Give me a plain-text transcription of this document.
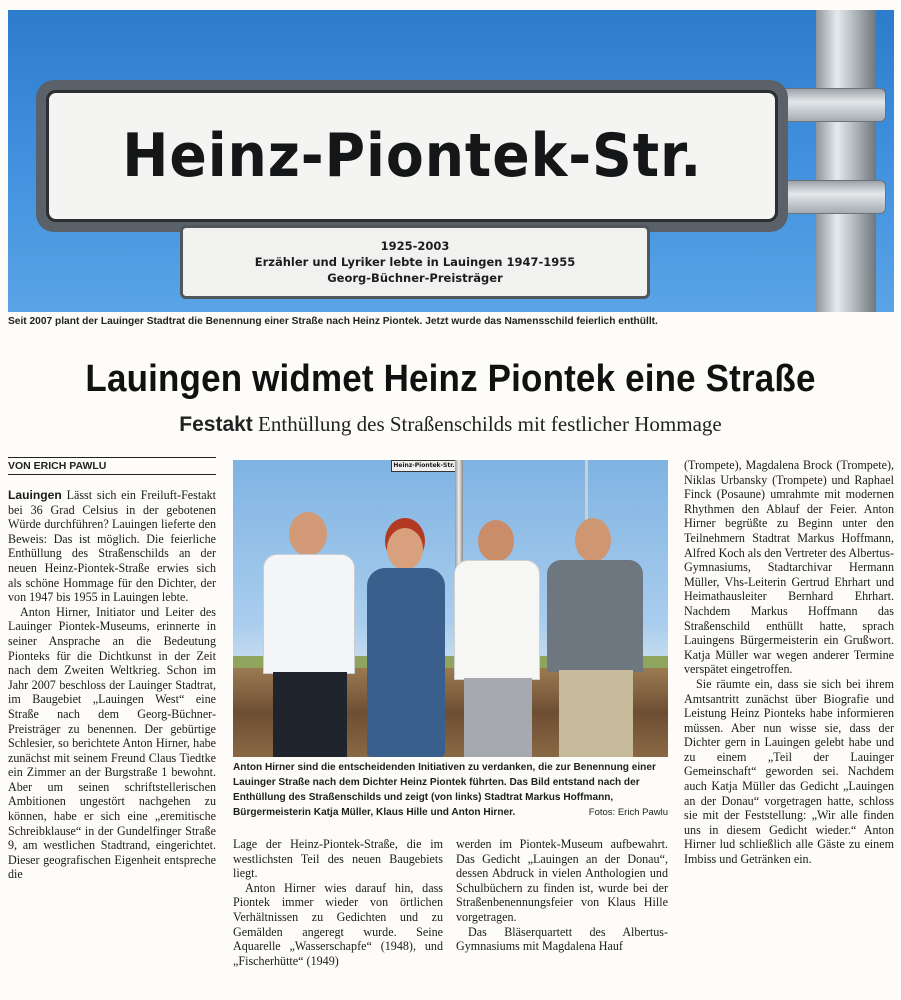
Heinz-Piontek-Str.
1925-2003
Erzähler und Lyriker lebte in Lauingen 1947-1955
Georg-Büchner-Preisträger
Seit 2007 plant der Lauinger Stadtrat die Benennung einer Straße nach Heinz Piontek. Jetzt wurde das Namensschild feierlich enthüllt.
Lauingen widmet Heinz Piontek eine Straße
Festakt Enthüllung des Straßenschilds mit festlicher Hommage
VON ERICH PAWLU

Lauingen Lässt sich ein Freiluft-Festakt bei 36 Grad Celsius in der gebotenen Würde durchführen? Lauingen lieferte den Beweis: Das ist möglich. Die feierliche Enthüllung des Straßenschilds an der neuen Heinz-Piontek-Straße erwies sich als schöne Hommage für den Dichter, der von 1947 bis 1955 in Lauingen lebte.

Anton Hirner, Initiator und Leiter des Lauinger Piontek-Museums, erinnerte in seiner Ansprache an die Bedeutung Pionteks für die Dichtkunst in der Zeit nach dem Zweiten Weltkrieg. Schon im Jahr 2007 beschloss der Lauinger Stadtrat, im Baugebiet „Lauingen West“ eine Straße nach dem Georg-Büchner-Preisträger zu benennen. Der gebürtige Schlesier, so berichtete Anton Hirner, habe zunächst mit seinem Freund Claus Tiedtke ein Zimmer an der Burgstraße 1 bewohnt. Aber um seinen schriftstellerischen Ambitionen ungestört nachgehen zu können, habe er sich eine „eremitische Schreibklause“ in der Gundelfinger Straße 9, am westlichen Stadtrand, eingerichtet. Dieser geografischen Eigenheit entspreche die

Heinz-Piontek-Str.
Anton Hirner sind die entscheidenden Initiativen zu verdanken, die zur Benennung einer Lauinger Straße nach dem Dichter Heinz Piontek führten. Das Bild entstand nach der Enthüllung des Straßenschilds und zeigt (von links) Stadtrat Markus Hoffmann, Bürgermeisterin Katja Müller, Klaus Hille und Anton Hirner.	Fotos: Erich Pawlu

Lage der Heinz-Piontek-Straße, die im westlichsten Teil des neuen Baugebiets liegt.

Anton Hirner wies darauf hin, dass Piontek immer wieder von örtlichen Verhältnissen zu Gedichten und zu Gemälden angeregt wurde. Seine Aquarelle „Wasserschapfe“ (1948), und „Fischerhütte“ (1949)

werden im Piontek-Museum aufbewahrt. Das Gedicht „Lauingen an der Donau“, dessen Abdruck in vielen Anthologien und Schulbüchern zu finden ist, wurde bei der Straßenbenennungsfeier von Klaus Hille vorgetragen.

Das Bläserquartett des Albertus-Gymnasiums mit Magdalena Hauf

(Trompete), Magdalena Brock (Trompete), Niklas Urbansky (Trompete) und Raphael Finck (Posaune) umrahmte mit modernen Rhythmen den Ablauf der Feier. Anton Hirner begrüßte zu Beginn unter den Teilnehmern Stadtrat Markus Hoffmann, Alfred Koch als den Vertreter des Albertus-Gymnasiums, Stadtarchivar Hermann Müller, Vhs-Leiterin Gertrud Ehrhart und Heimathausleiter Bernhard Ehrhart. Nachdem Markus Hoffmann das Straßenschild enthüllt hatte, sprach Lauingens Bürgermeisterin ein Grußwort. Katja Müller war wegen anderer Termine verspätet eingetroffen.

Sie räumte ein, dass sie sich bei ihrem Amtsantritt zunächst über Biografie und Leistung Heinz Pionteks habe informieren müssen. Aber nun wisse sie, dass der Dichter gern in Lauingen gelebt habe und zu einem „Teil der Lauinger Gemeinschaft“ geworden sei. Nachdem auch Katja Müller das Gedicht „Lauingen an der Donau“ vorgetragen hatte, schloss sie mit der Feststellung: „Wir alle finden uns in diesem Gedicht wieder.“ Anton Hirner lud schließlich alle Gäste zu einem Imbiss und Getränken ein.
